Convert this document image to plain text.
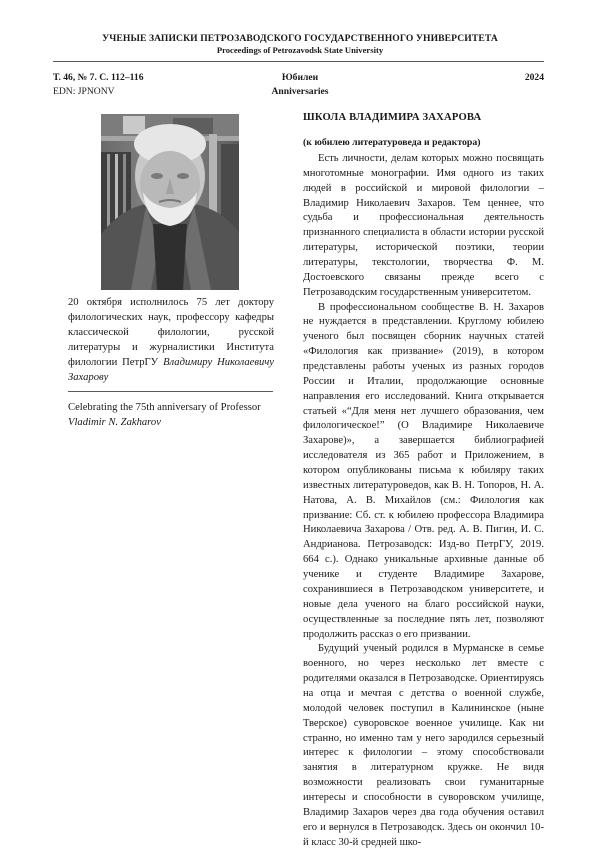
УЧЕНЫЕ ЗАПИСКИ ПЕТРОЗАВОДСКОГО ГОСУДАРСТВЕННОГО УНИВЕРСИТЕТА
Proceedings of Petrozavodsk State University
Т. 46, № 7. С. 112–116
EDN: JPNONV
Юбилеи
Anniversaries
2024
20 октября исполнилось 75 лет доктору филологических наук, профессору кафедры классической филологии, русской литературы и журналистики Института филологии ПетрГУ Владимиру Николаевичу Захарову
Celebrating the 75th anniversary of Professor
Vladimir N. Zakharov
ШКОЛА ВЛАДИМИРА ЗАХАРОВА
(к юбилею литературоведа и редактора)

Есть личности, делам которых можно посвящать многотомные монографии. Имя одного из таких людей в российской и мировой филологии – Владимир Николаевич Захаров. Тем ценнее, что судьба и профессиональная деятельность признанного специалиста в области истории русской литературы, исторической поэтики, теории литературы, текстологии, творчества Ф. М. Достоевского связаны прежде всего с Петрозаводским государственным университетом.

В профессиональном сообществе В. Н. Захаров не нуждается в представлении. Круглому юбилею ученого был посвящен сборник научных статей «Филология как призвание» (2019), в котором представлены работы ученых из разных городов России и Италии, продолжающие основные направления его исследований. Книга открывается статьей «“Для меня нет лучшего образования, чем филологическое!” (О Владимире Николаевиче Захарове)», а завершается библиографией исследователя из 365 работ и Приложением, в котором опубликованы письма к юбиляру таких известных литературоведов, как В. Н. Топоров, Н. А. Натова, А. В. Михайлов (см.: Филология как призвание: Сб. ст. к юбилею профессора Владимира Николаевича Захарова / Отв. ред. А. В. Пигин, И. С. Андрианова. Петрозаводск: Изд-во ПетрГУ, 2019. 664 с.). Однако уникальные архивные данные об ученике и студенте Владимире Захарове, сохранившиеся в Петрозаводском университете, и новые дела ученого на благо российской науки, осуществленные за последние пять лет, позволяют продолжить рассказ о его призвании.

Будущий ученый родился в Мурманске в семье военного, но через несколько лет вместе с родителями оказался в Петрозаводске. Ориентируясь на отца и мечтая с детства о военной службе, молодой человек поступил в Калининское (ныне Тверское) суворовское военное училище. Как ни странно, но именно там у него зародился серьезный интерес к филологии – этому способствовали занятия в литературном кружке. Не видя возможности реализовать свои гуманитарные интересы и способности в суворовском училище, Владимир Захаров через два года обучения оставил его и вернулся в Петрозаводск. Здесь он окончил 10-й класс 30-й средней шко-
